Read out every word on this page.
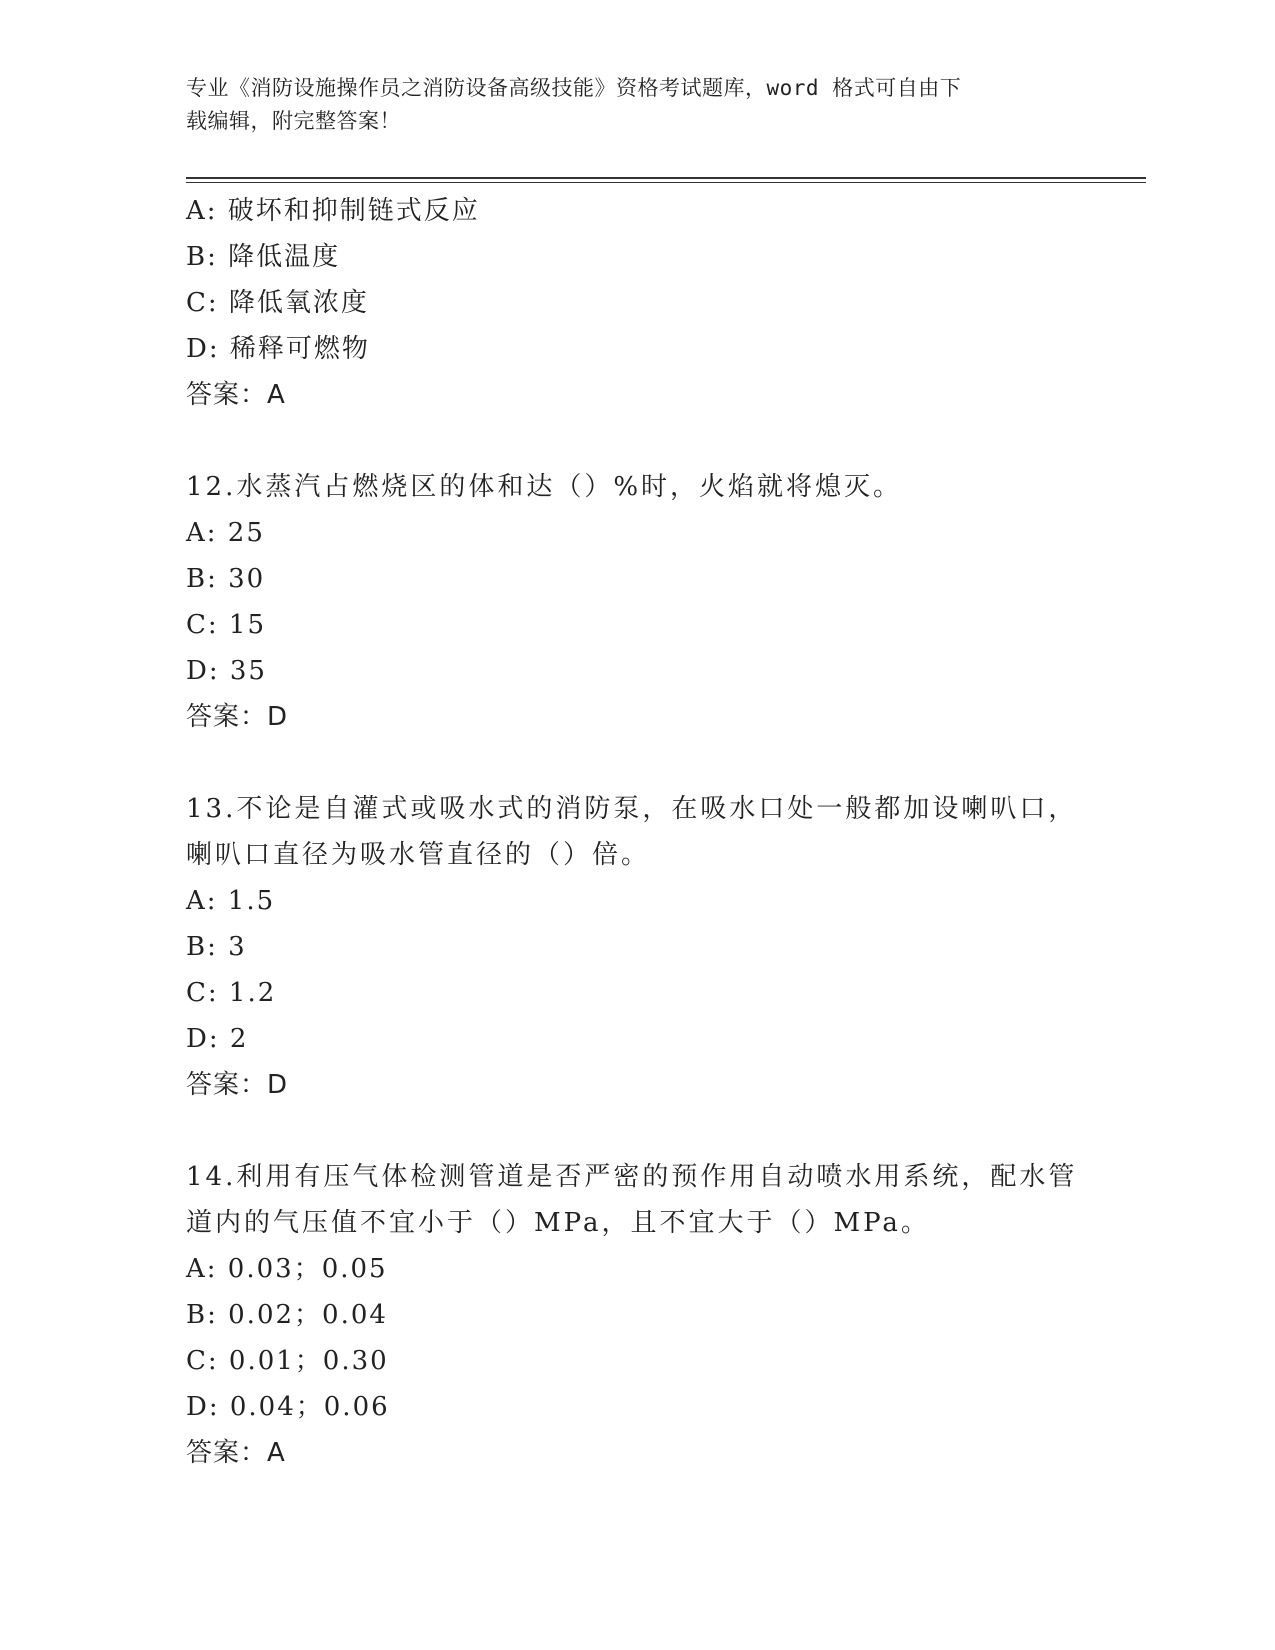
专业《消防设施操作员之消防设备高级技能》资格考试题库，word 格式可自由下
载编辑，附完整答案！
A: 破坏和抑制链式反应
B: 降低温度
C: 降低氧浓度
D: 稀释可燃物
答案：A
12.水蒸汽占燃烧区的体和达（）%时，火焰就将熄灭。
A: 25
B: 30
C: 15
D: 35
答案：D
13.不论是自灌式或吸水式的消防泵，在吸水口处一般都加设喇叭口，
喇叭口直径为吸水管直径的（）倍。
A: 1.5
B: 3
C: 1.2
D: 2
答案：D
14.利用有压气体检测管道是否严密的预作用自动喷水用系统，配水管
道内的气压值不宜小于（）MPa，且不宜大于（）MPa。
A: 0.03；0.05
B: 0.02；0.04
C: 0.01；0.30
D: 0.04；0.06
答案：A
